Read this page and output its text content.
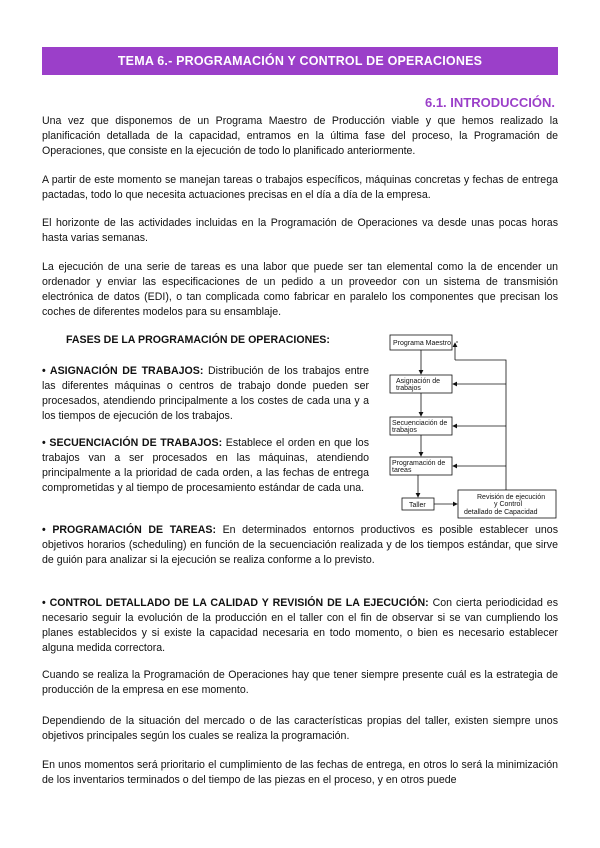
TEMA 6.- PROGRAMACIÓN Y CONTROL DE OPERACIONES
6.1. INTRODUCCIÓN.

Una vez que disponemos de un Programa Maestro de Producción viable y que hemos realizado la planificación detallada de la capacidad, entramos en la última fase del proceso, la Programación de Operaciones, que consiste en la ejecución de todo lo planificado anteriormente.

A partir de este momento se manejan tareas o trabajos específicos, máquinas concretas y fechas de entrega pactadas, todo lo que necesita actuaciones precisas en el día a día de la empresa.

El horizonte de las actividades incluidas en la Programación de Operaciones va desde unas pocas horas hasta varias semanas.

La ejecución de una serie de tareas es una labor que puede ser tan elemental como la de encender un ordenador y enviar las especificaciones de un pedido a un proveedor con un sistema de transmisión electrónica de datos (EDI), o tan complicada como fabricar en paralelo los componentes que precisan los coches de diferentes modelos para su ensamblaje.

FASES DE LA PROGRAMACIÓN DE OPERACIONES:

• ASIGNACIÓN DE TRABAJOS: Distribución de los trabajos entre las diferentes máquinas o centros de trabajo donde pueden ser procesados, atendiendo principalmente a los costes de cada una y a los tiempos de ejecución de los trabajos.

• SECUENCIACIÓN DE TRABAJOS: Establece el orden en que los trabajos van a ser procesados en las máquinas, atendiendo principalmente a la prioridad de cada orden, a las fechas de entrega comprometidas y al tiempo de procesamiento estándar de cada una.

• PROGRAMACIÓN DE TAREAS: En determinados entornos productivos es posible establecer unos objetivos horarios (scheduling) en función de la secuenciación realizada y de los tiempos estándar, que sirve de guión para analizar si la ejecución se realiza conforme a lo previsto.

• CONTROL DETALLADO DE LA CALIDAD Y REVISIÓN DE LA EJECUCIÓN: Con cierta periodicidad es necesario seguir la evolución de la producción en el taller con el fin de observar si se van cumpliendo los planes establecidos y si existe la capacidad necesaria en todo momento, o bien es necesario establecer alguna medida correctora.

Cuando se realiza la Programación de Operaciones hay que tener siempre presente cuál es la estrategia de producción de la empresa en ese momento.

Dependiendo de la situación del mercado o de las características propias del taller, existen siempre unos objetivos principales según los cuales se realiza la programación.

En unos momentos será prioritario el cumplimiento de las fechas de entrega, en otros lo será la minimización de los inventarios terminados o del tiempo de las piezas en el proceso, y en otros puede

Programa Maestro
Asignación de
trabajos
Secuenciación de
trabajos
Programación de
tareas
Taller
Revisión de ejecución
y Control
detallado de Capacidad
